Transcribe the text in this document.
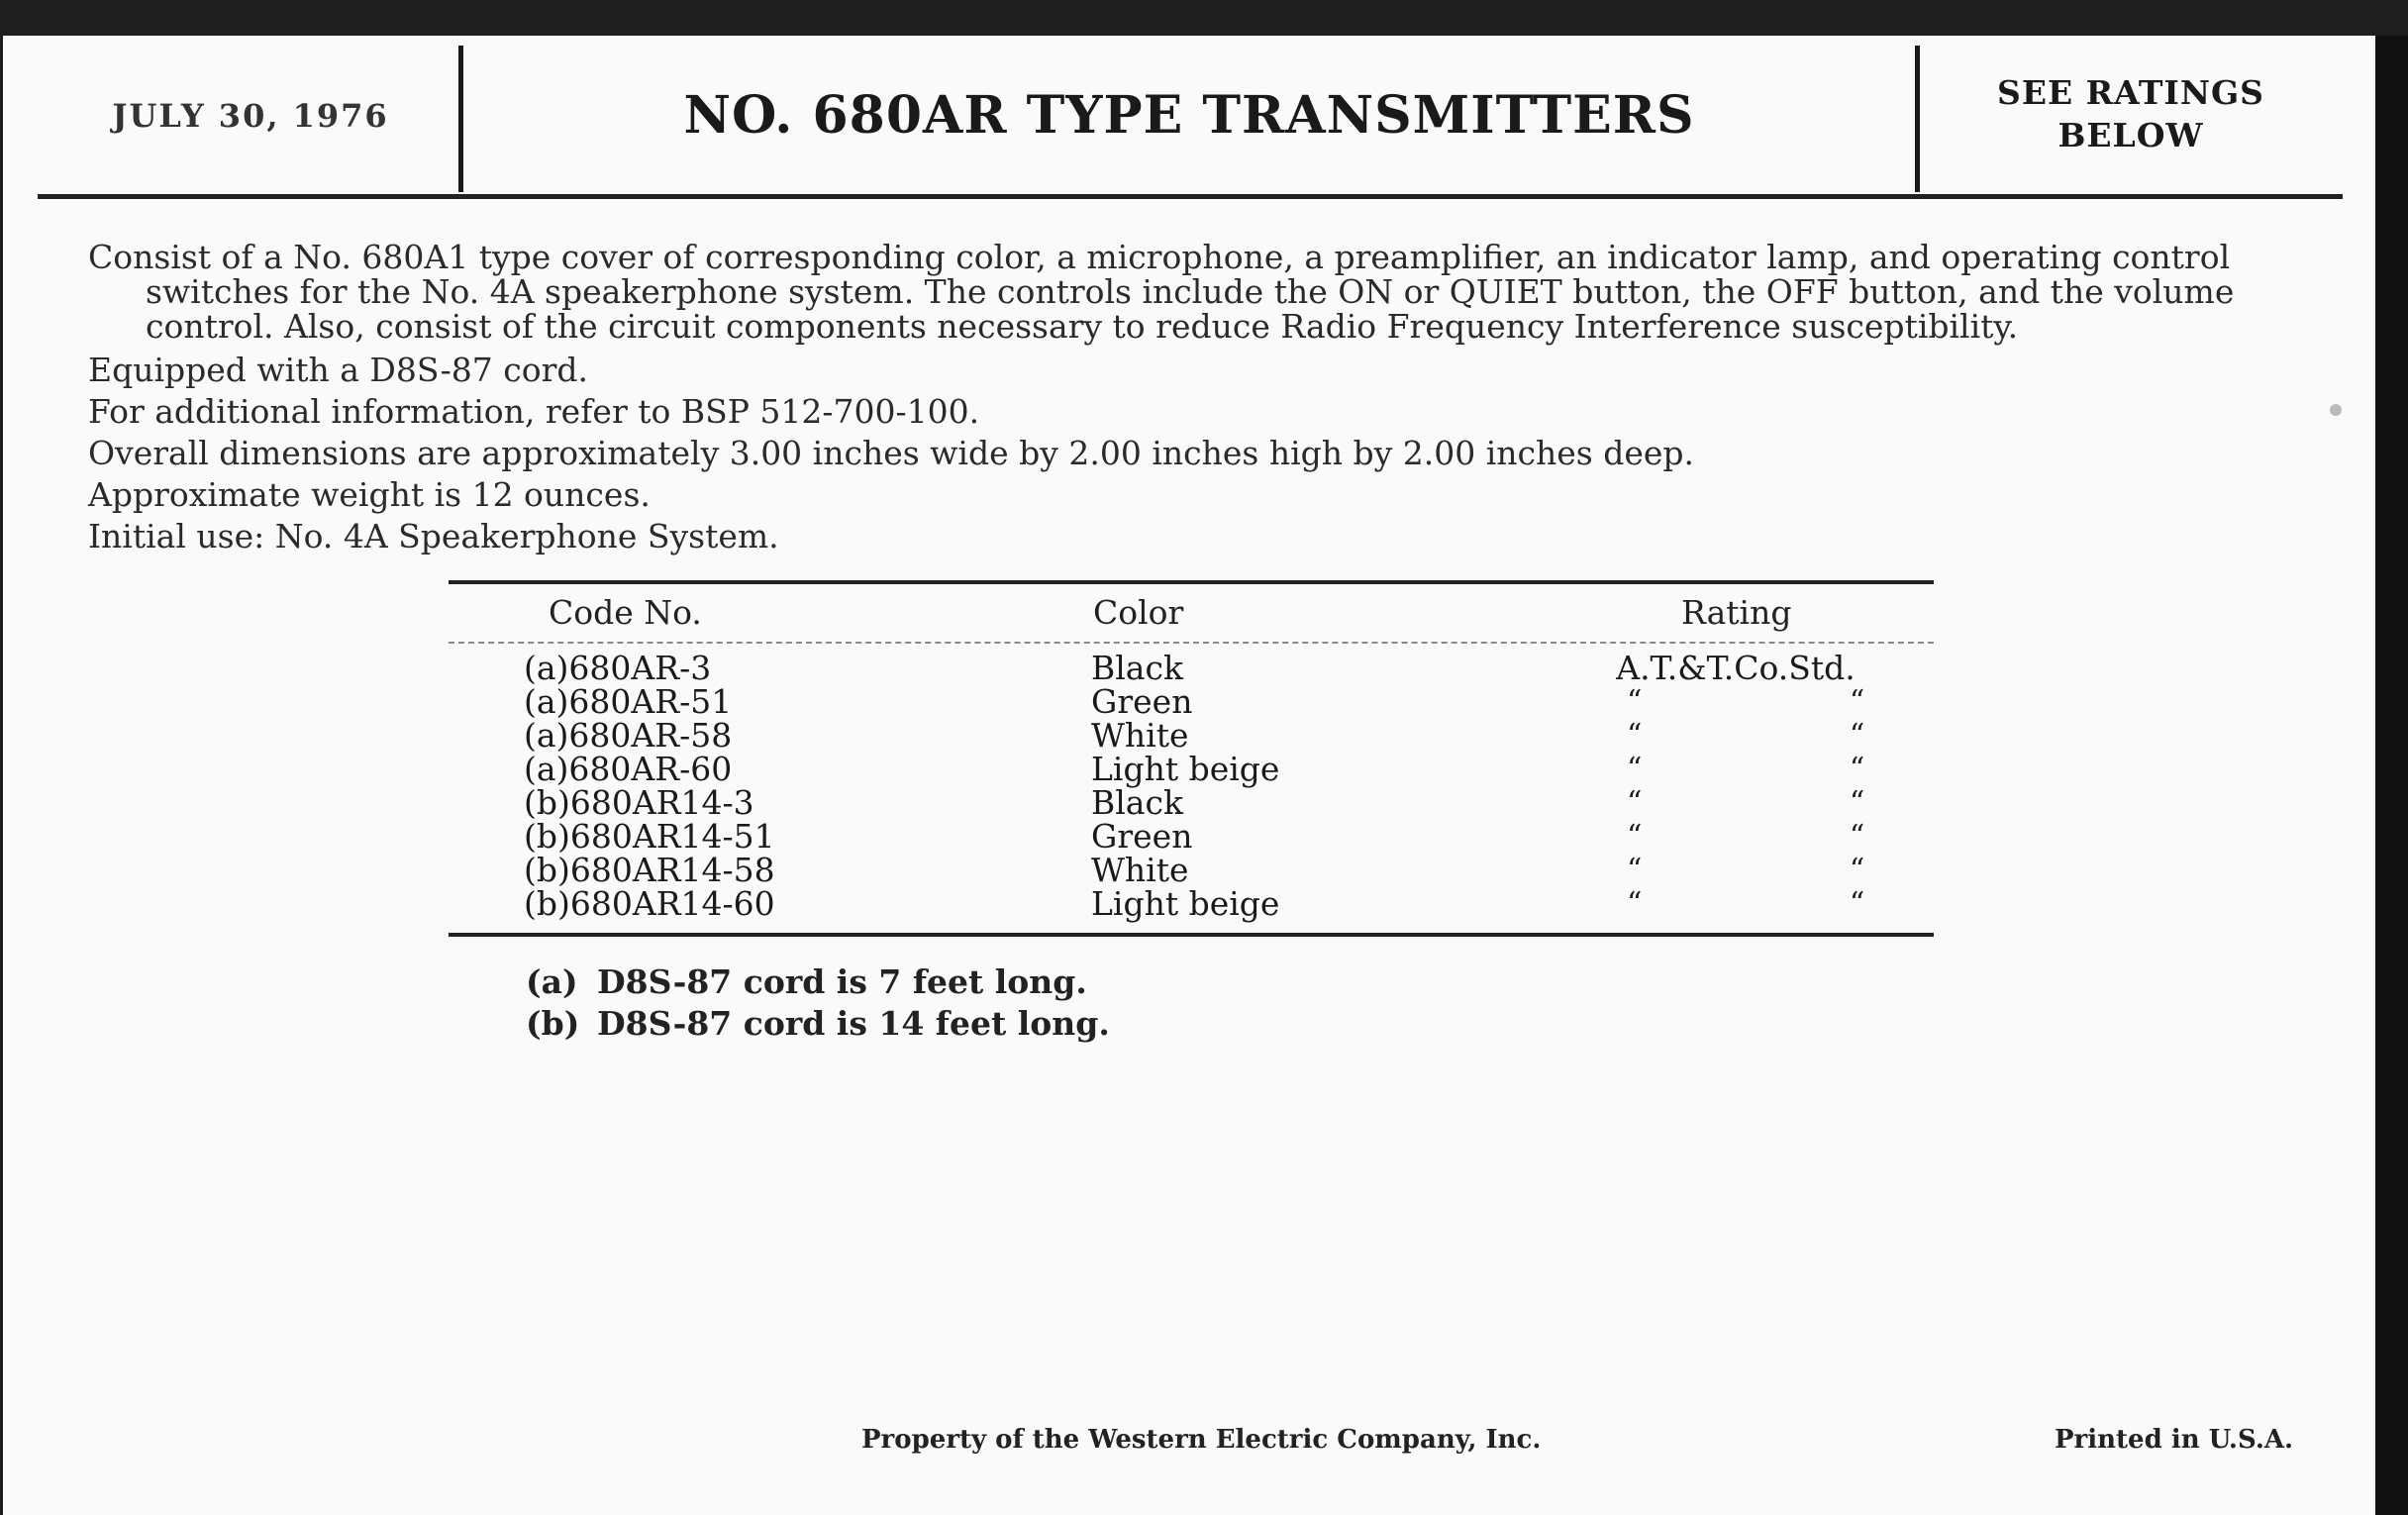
JULY 30, 1976	NO. 680AR TYPE TRANSMITTERS	SEE RATINGS
BELOW
Consist of a No. 680A1 type cover of corresponding color, a microphone, a preamplifier, an indicator lamp, and operating control
switches for the No. 4A speakerphone system. The controls include the ON or QUIET button, the OFF button, and the volume
control. Also, consist of the circuit components necessary to reduce Radio Frequency Interference susceptibility.
Equipped with a D8S-87 cord.
For additional information, refer to BSP 512-700-100.
Overall dimensions are approximately 3.00 inches wide by 2.00 inches high by 2.00 inches deep.
Approximate weight is 12 ounces.
Initial use: No. 4A Speakerphone System.
Code No.	Color	Rating
(a)680AR-3	Black	A.T.&T.Co.Std.
(a)680AR-51	Green	“ “
(a)680AR-58	White	“ “
(a)680AR-60	Light beige	“ “
(b)680AR14-3	Black	“ “
(b)680AR14-51	Green	“ “
(b)680AR14-58	White	“ “
(b)680AR14-60	Light beige	“ “
(a) D8S-87 cord is 7 feet long.
(b) D8S-87 cord is 14 feet long.
Property of the Western Electric Company, Inc.	Printed in U.S.A.
